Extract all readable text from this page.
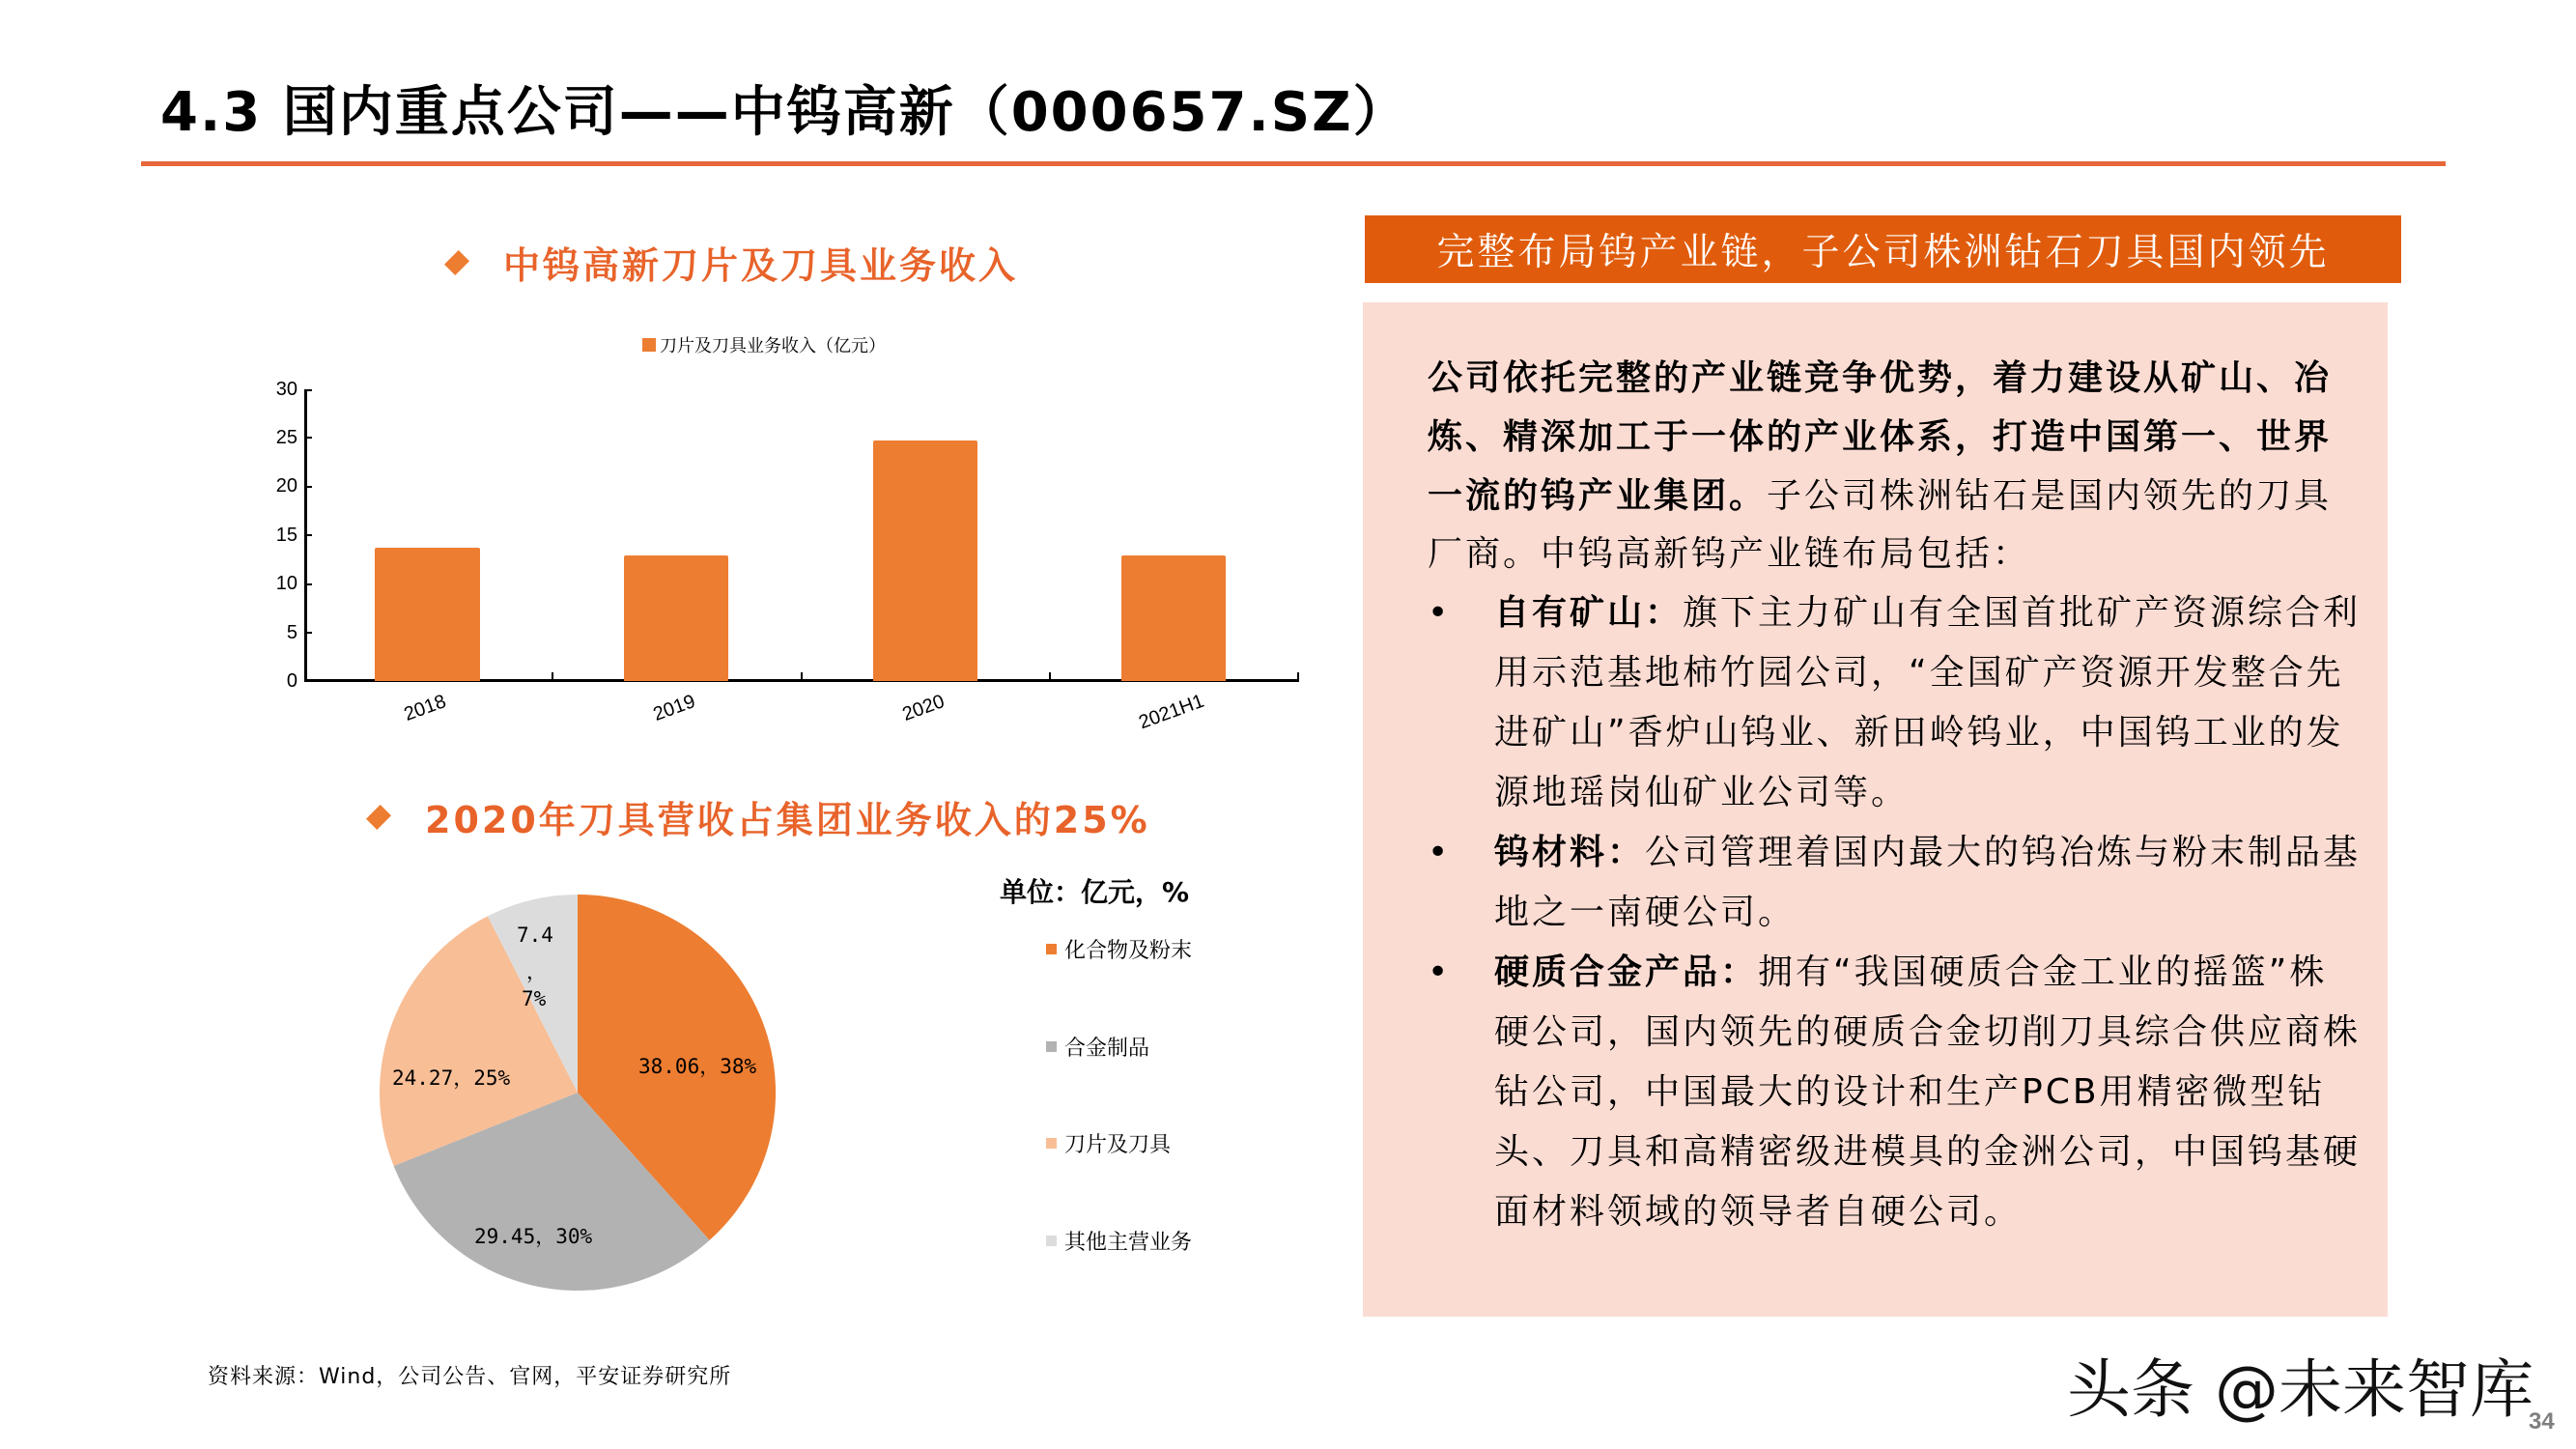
4.3 国内重点公司——中钨高新（000657.SZ）
中钨高新刀片及刀具业务收入
刀片及刀具业务收入（亿元）
0
5
10
15
20
25
30
2018	2019	2020	2021H1
2020年刀具营收占集团业务收入的25%
38.06，38%
29.45，30%
24.27，25%
7.4
，
7%
单位：亿元，%
化合物及粉末
合金制品
刀片及刀具
其他主营业务
完整布局钨产业链，子公司株洲钻石刀具国内领先
公司依托完整的产业链竞争优势，着力建设从矿山、冶
炼、精深加工于一体的产业体系，打造中国第一、世界
一流的钨产业集团。子公司株洲钻石是国内领先的刀具
厂商。中钨高新钨产业链布局包括：
• 自有矿山：旗下主力矿山有全国首批矿产资源综合利
用示范基地柿竹园公司，“全国矿产资源开发整合先
进矿山”香炉山钨业、新田岭钨业，中国钨工业的发
源地瑶岗仙矿业公司等。
• 钨材料：公司管理着国内最大的钨冶炼与粉末制品基
地之一南硬公司。
• 硬质合金产品：拥有“我国硬质合金工业的摇篮”株
硬公司，国内领先的硬质合金切削刀具综合供应商株
钻公司，中国最大的设计和生产PCB用精密微型钻
头、刀具和高精密级进模具的金洲公司，中国钨基硬
面材料领域的领导者自硬公司。
资料来源：Wind，公司公告、官网，平安证券研究所	头条 @未来智库
34
